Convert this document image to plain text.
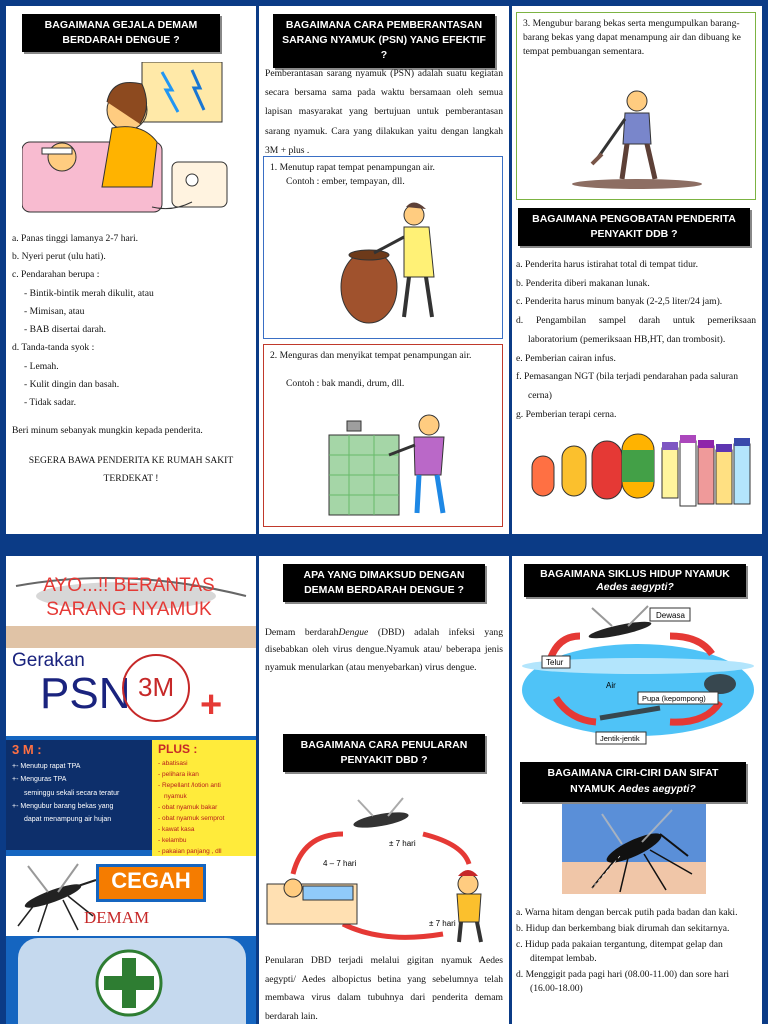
BAGAIMANA GEJALA DEMAM BERDARAH DENGUE ?
a. Panas tinggi lamanya 2-7 hari.
b. Nyeri perut (ulu hati).
c. Pendarahan berupa :
- Bintik-bintik merah dikulit, atau
- Mimisan, atau
- BAB disertai darah.
d. Tanda-tanda syok :
- Lemah.
- Kulit dingin dan basah.
- Tidak sadar.
Beri minum sebanyak mungkin kepada penderita.
SEGERA BAWA PENDERITA KE RUMAH SAKIT TERDEKAT !
BAGAIMANA CARA PEMBERANTASAN SARANG NYAMUK (PSN) YANG EFEKTIF ?
Pemberantasan sarang nyamuk (PSN) adalah suatu kegiatan secara bersama sama pada waktu bersamaan oleh semua lapisan masyarakat yang bertujuan untuk pemberantasan sarang nyamuk. Cara yang dilakukan yaitu dengan langkah 3M + plus .
1. Menutup rapat tempat penampungan air.
Contoh : ember, tempayan, dll.
2. Menguras dan menyikat tempat penampungan air.
Contoh : bak mandi, drum, dll.
3. Mengubur barang bekas serta mengumpulkan barang-barang bekas yang dapat menampung air dan dibuang ke tempat pembuangan sementara.
BAGAIMANA PENGOBATAN PENDERITA PENYAKIT DDB ?
a. Penderita harus istirahat total di tempat tidur.
b. Penderita diberi makanan lunak.
c. Penderita harus minum banyak (2-2,5 liter/24 jam).
d. Pengambilan sampel darah untuk pemeriksaan laboratorium (pemeriksaan HB,HT, dan trombosit).
e. Pemberian cairan infus.
f. Pemasangan NGT (bila terjadi pendarahan pada saluran cerna)
g. Pemberian terapi cerna.
AYO...!! BERANTAS SARANG NYAMUK
Gerakan
PSN 3M +
3 M :
+- Menutup rapat TPA
+- Menguras TPA
seminggu sekali secara teratur
+- Mengubur barang bekas yang
dapat menampung air hujan
PLUS :
- abatisasi
- pelihara ikan
- Repellant /lotion anti
nyamuk
- obat nyamuk bakar
- obat nyamuk semprot
- kawat kasa
- kelambu
- pakaian panjang , dll
CEGAH
DEMAM
APA YANG DIMAKSUD DENGAN DEMAM BERDARAH DENGUE ?
Demam berdarahDengue (DBD) adalah infeksi yang disebabkan oleh virus dengue.Nyamuk atau/ beberapa jenis nyamuk menularkan (atau menyebarkan) virus dengue.
BAGAIMANA CARA PENULARAN PENYAKIT DBD ?
± 7 hari
4 – 7 hari
± 7 hari
Penularan DBD terjadi melalui gigitan nyamuk Aedes aegypti/ Aedes albopictus betina yang sebelumnya telah membawa virus dalam tubuhnya dari penderita demam berdarah lain.
BAGAIMANA SIKLUS HIDUP NYAMUK
Aedes aegypti?
Dewasa
Telur
Air
Pupa (kepompong)
Jentik-jentik
BAGAIMANA CIRI-CIRI DAN SIFAT NYAMUK Aedes aegypti?
a. Warna hitam dengan bercak putih pada badan dan kaki.
b. Hidup dan berkembang biak dirumah dan sekitarnya.
c. Hidup pada pakaian tergantung, ditempat gelap dan ditempat lembab.
d. Menggigit pada pagi hari (08.00-11.00) dan sore hari (16.00-18.00)
